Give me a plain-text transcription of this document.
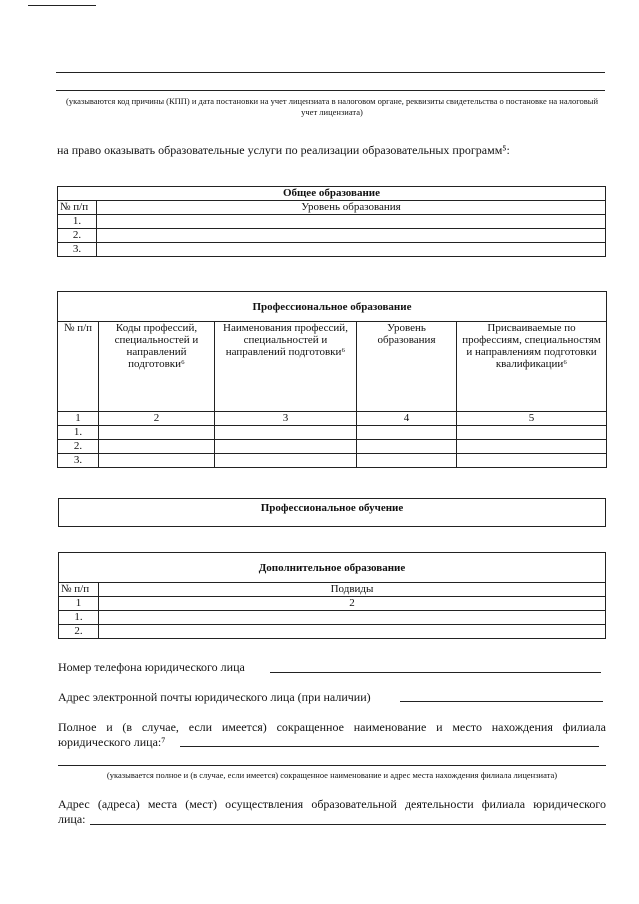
(указываются код причины (КПП) и дата постановки на учет лицензиата в налоговом органе, реквизиты свидетельства о постановке на налоговый учет лицензиата)
на право оказывать образовательные услуги по реализации образовательных программ⁵:
Общее образование	
№ п/п	Уровень образования
1.	
2.	
3.	
Профессиональное образование				
№ п/п	Коды профессий, специальностей и направлений подготовки⁶	Наименования профессий, специальностей и направлений подготовки⁶	Уровень образования	Присваиваемые по профессиям, специальностям и направлениям подготовки квалификации⁶
1	2	3	4	5
1.				
2.				
3.				
Профессиональное обучение
Дополнительное образование	
№ п/п	Подвиды
1	2
1.	
2.	
Номер телефона юридического лица
Адрес электронной почты юридического лица (при наличии)
Полное и (в случае, если имеется) сокращенное наименование и место нахождения филиала
юридического лица:⁷
(указывается полное и (в случае, если имеется) сокращенное наименование и адрес места нахождения филиала лицензиата)
Адрес (адреса) места (мест) осуществления образовательной деятельности филиала юридического
лица:
